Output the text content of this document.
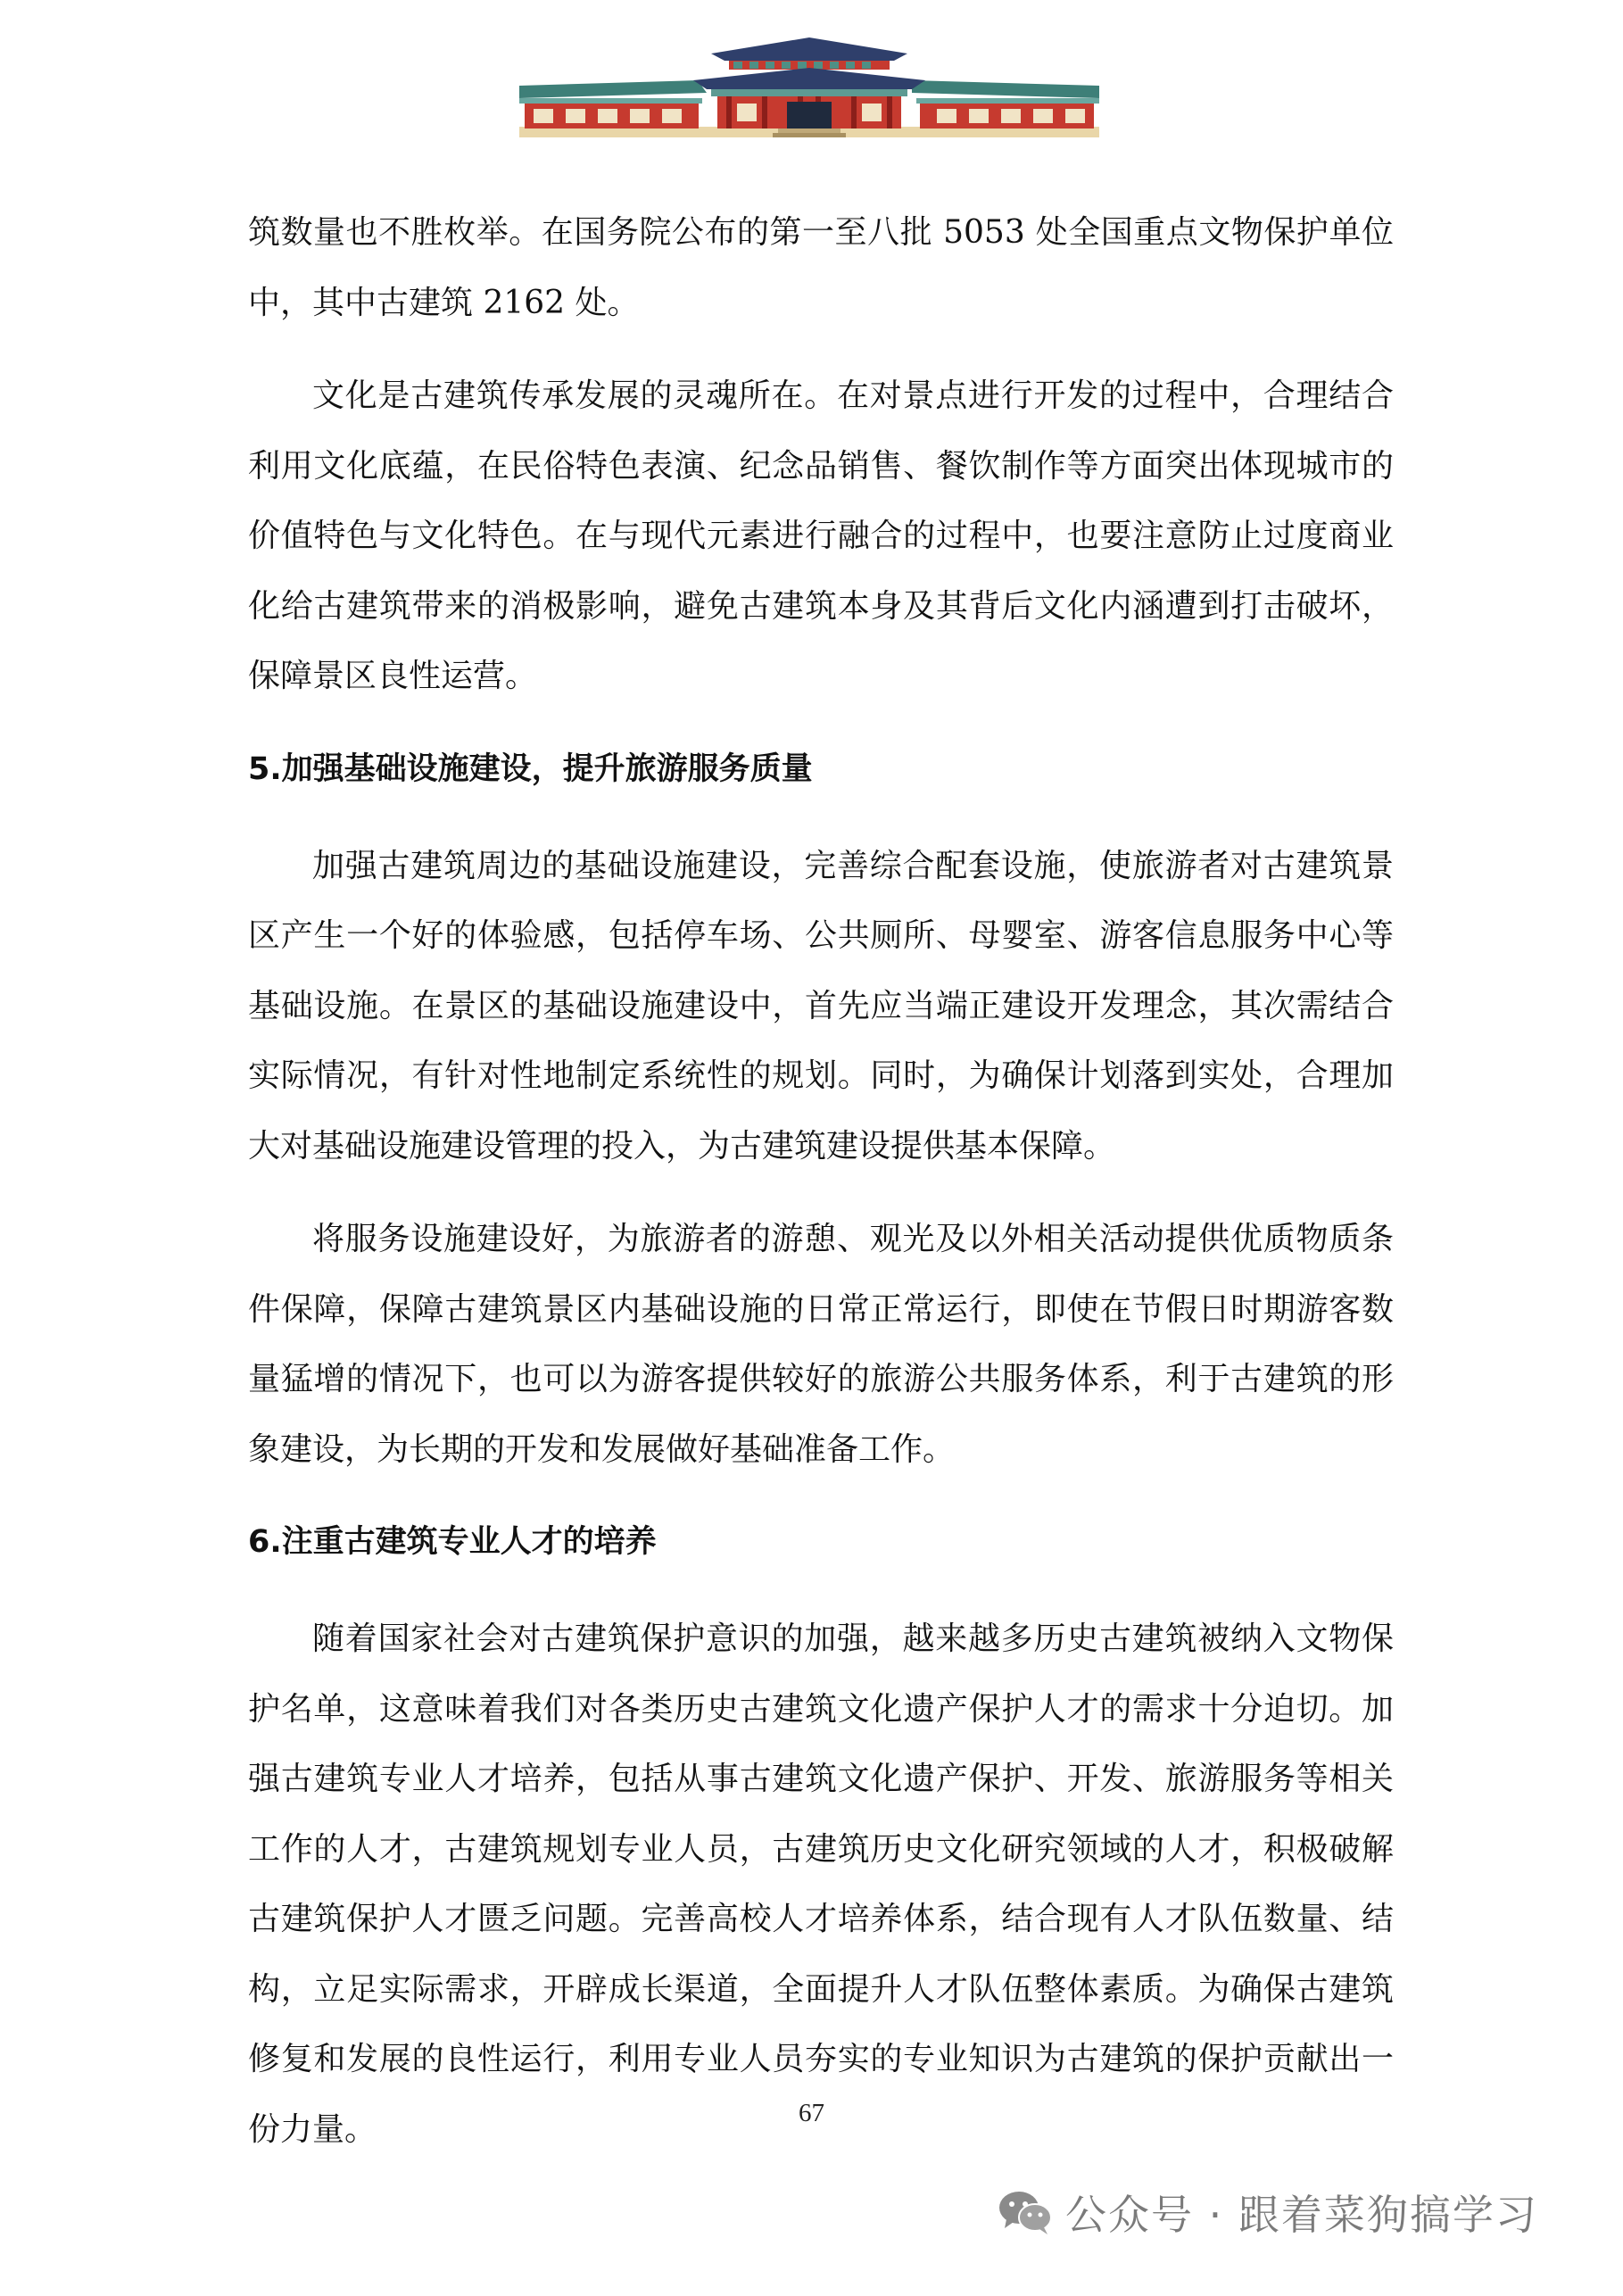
筑数量也不胜枚举。在国务院公布的第一至八批 5053 处全国重点文物保护单位中，其中古建筑 2162 处。

文化是古建筑传承发展的灵魂所在。在对景点进行开发的过程中，合理结合利用文化底蕴，在民俗特色表演、纪念品销售、餐饮制作等方面突出体现城市的价值特色与文化特色。在与现代元素进行融合的过程中，也要注意防止过度商业化给古建筑带来的消极影响，避免古建筑本身及其背后文化内涵遭到打击破坏，保障景区良性运营。

5.加强基础设施建设，提升旅游服务质量

加强古建筑周边的基础设施建设，完善综合配套设施，使旅游者对古建筑景区产生一个好的体验感，包括停车场、公共厕所、母婴室、游客信息服务中心等基础设施。在景区的基础设施建设中，首先应当端正建设开发理念，其次需结合实际情况，有针对性地制定系统性的规划。同时，为确保计划落到实处，合理加大对基础设施建设管理的投入，为古建筑建设提供基本保障。

将服务设施建设好，为旅游者的游憩、观光及以外相关活动提供优质物质条件保障，保障古建筑景区内基础设施的日常正常运行，即使在节假日时期游客数量猛增的情况下，也可以为游客提供较好的旅游公共服务体系，利于古建筑的形象建设，为长期的开发和发展做好基础准备工作。

6.注重古建筑专业人才的培养

随着国家社会对古建筑保护意识的加强，越来越多历史古建筑被纳入文物保护名单，这意味着我们对各类历史古建筑文化遗产保护人才的需求十分迫切。加强古建筑专业人才培养，包括从事古建筑文化遗产保护、开发、旅游服务等相关工作的人才，古建筑规划专业人员，古建筑历史文化研究领域的人才，积极破解古建筑保护人才匮乏问题。完善高校人才培养体系，结合现有人才队伍数量、结构，立足实际需求，开辟成长渠道，全面提升人才队伍整体素质。为确保古建筑修复和发展的良性运行，利用专业人员夯实的专业知识为古建筑的保护贡献出一份力量。	67
公众号 · 跟着菜狗搞学习
